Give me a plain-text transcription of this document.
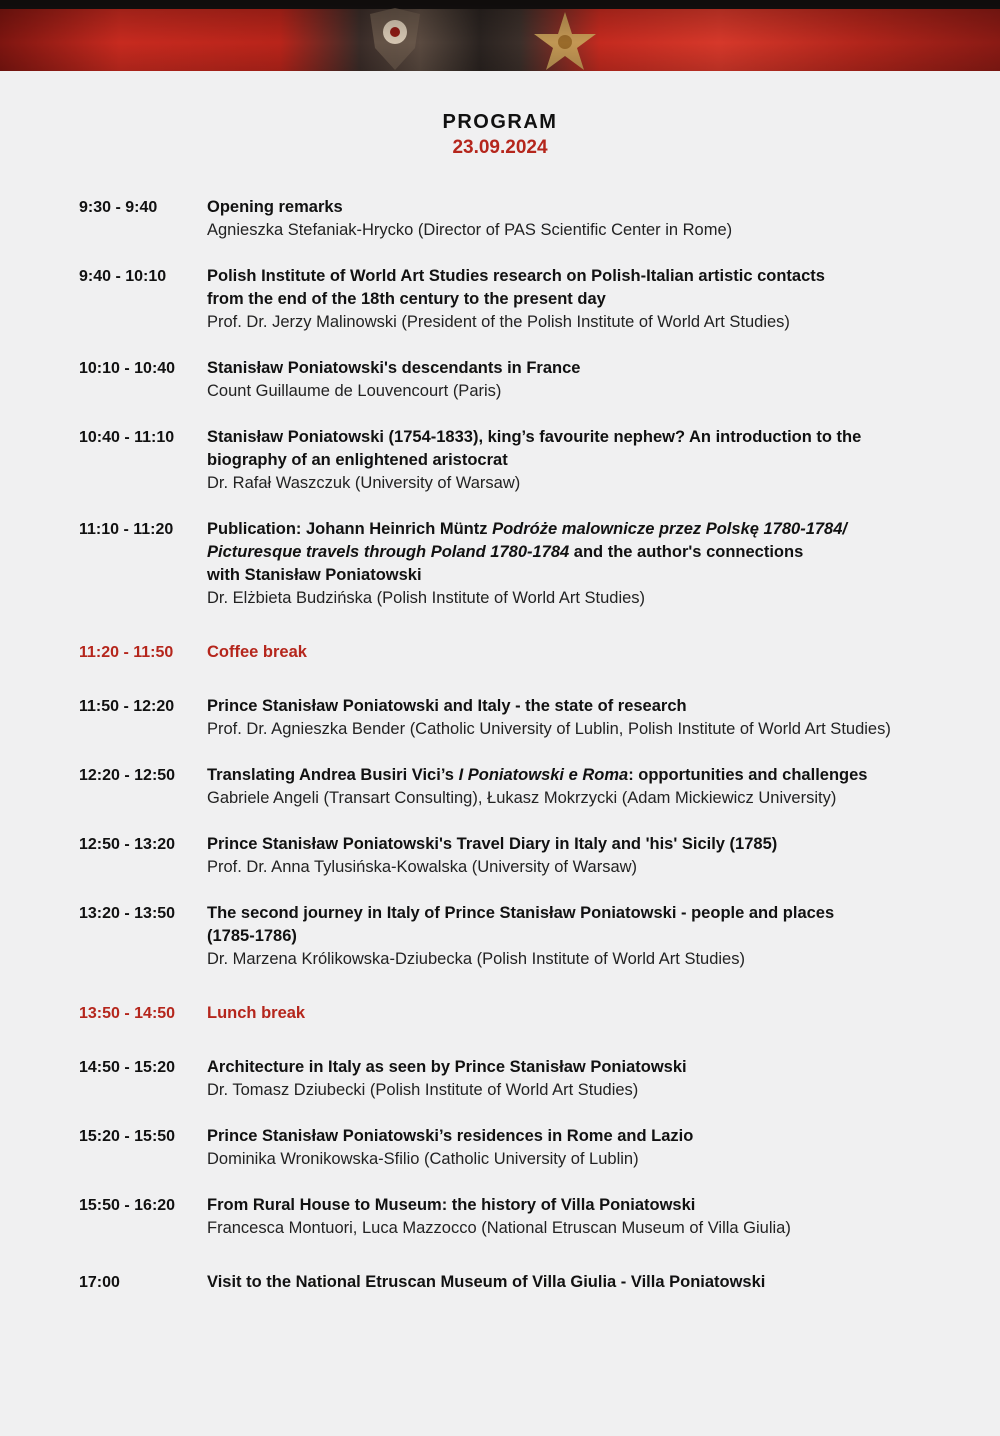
PROGRAM
23.09.2024
9:30 - 9:40	Opening remarks
Agnieszka Stefaniak-Hrycko (Director of PAS Scientific Center in Rome)
9:40 - 10:10	Polish Institute of World Art Studies research on Polish-Italian artistic contacts
from the end of the 18th century to the present day
Prof. Dr. Jerzy Malinowski (President of the Polish Institute of World Art Studies)
10:10 - 10:40	Stanisław Poniatowski's descendants in France
Count Guillaume de Louvencourt (Paris)
10:40 - 11:10	Stanisław Poniatowski (1754-1833), king’s favourite nephew? An introduction to the
biography of an enlightened aristocrat
Dr. Rafał Waszczuk (University of Warsaw)
11:10 - 11:20	Publication: Johann Heinrich Müntz Podróże malownicze przez Polskę 1780-1784/
Picturesque travels through Poland 1780-1784 and the author's connections
with Stanisław Poniatowski
Dr. Elżbieta Budzińska (Polish Institute of World Art Studies)
11:20 - 11:50	Coffee break
11:50 - 12:20	Prince Stanisław Poniatowski and Italy - the state of research
Prof. Dr. Agnieszka Bender (Catholic University of Lublin, Polish Institute of World Art Studies)
12:20 - 12:50	Translating Andrea Busiri Vici’s I Poniatowski e Roma: opportunities and challenges
Gabriele Angeli (Transart Consulting), Łukasz Mokrzycki (Adam Mickiewicz University)
12:50 - 13:20	Prince Stanisław Poniatowski's Travel Diary in Italy and 'his' Sicily (1785)
Prof. Dr. Anna Tylusińska-Kowalska (University of Warsaw)
13:20 - 13:50	The second journey in Italy of Prince Stanisław Poniatowski - people and places
(1785-1786)
Dr. Marzena Królikowska-Dziubecka (Polish Institute of World Art Studies)
13:50 - 14:50	Lunch break
14:50 - 15:20	Architecture in Italy as seen by Prince Stanisław Poniatowski
Dr. Tomasz Dziubecki (Polish Institute of World Art Studies)
15:20 - 15:50	Prince Stanisław Poniatowski’s residences in Rome and Lazio
Dominika Wronikowska-Sfilio (Catholic University of Lublin)
15:50 - 16:20	From Rural House to Museum: the history of Villa Poniatowski
Francesca Montuori, Luca Mazzocco (National Etruscan Museum of Villa Giulia)
17:00	Visit to the National Etruscan Museum of Villa Giulia - Villa Poniatowski
